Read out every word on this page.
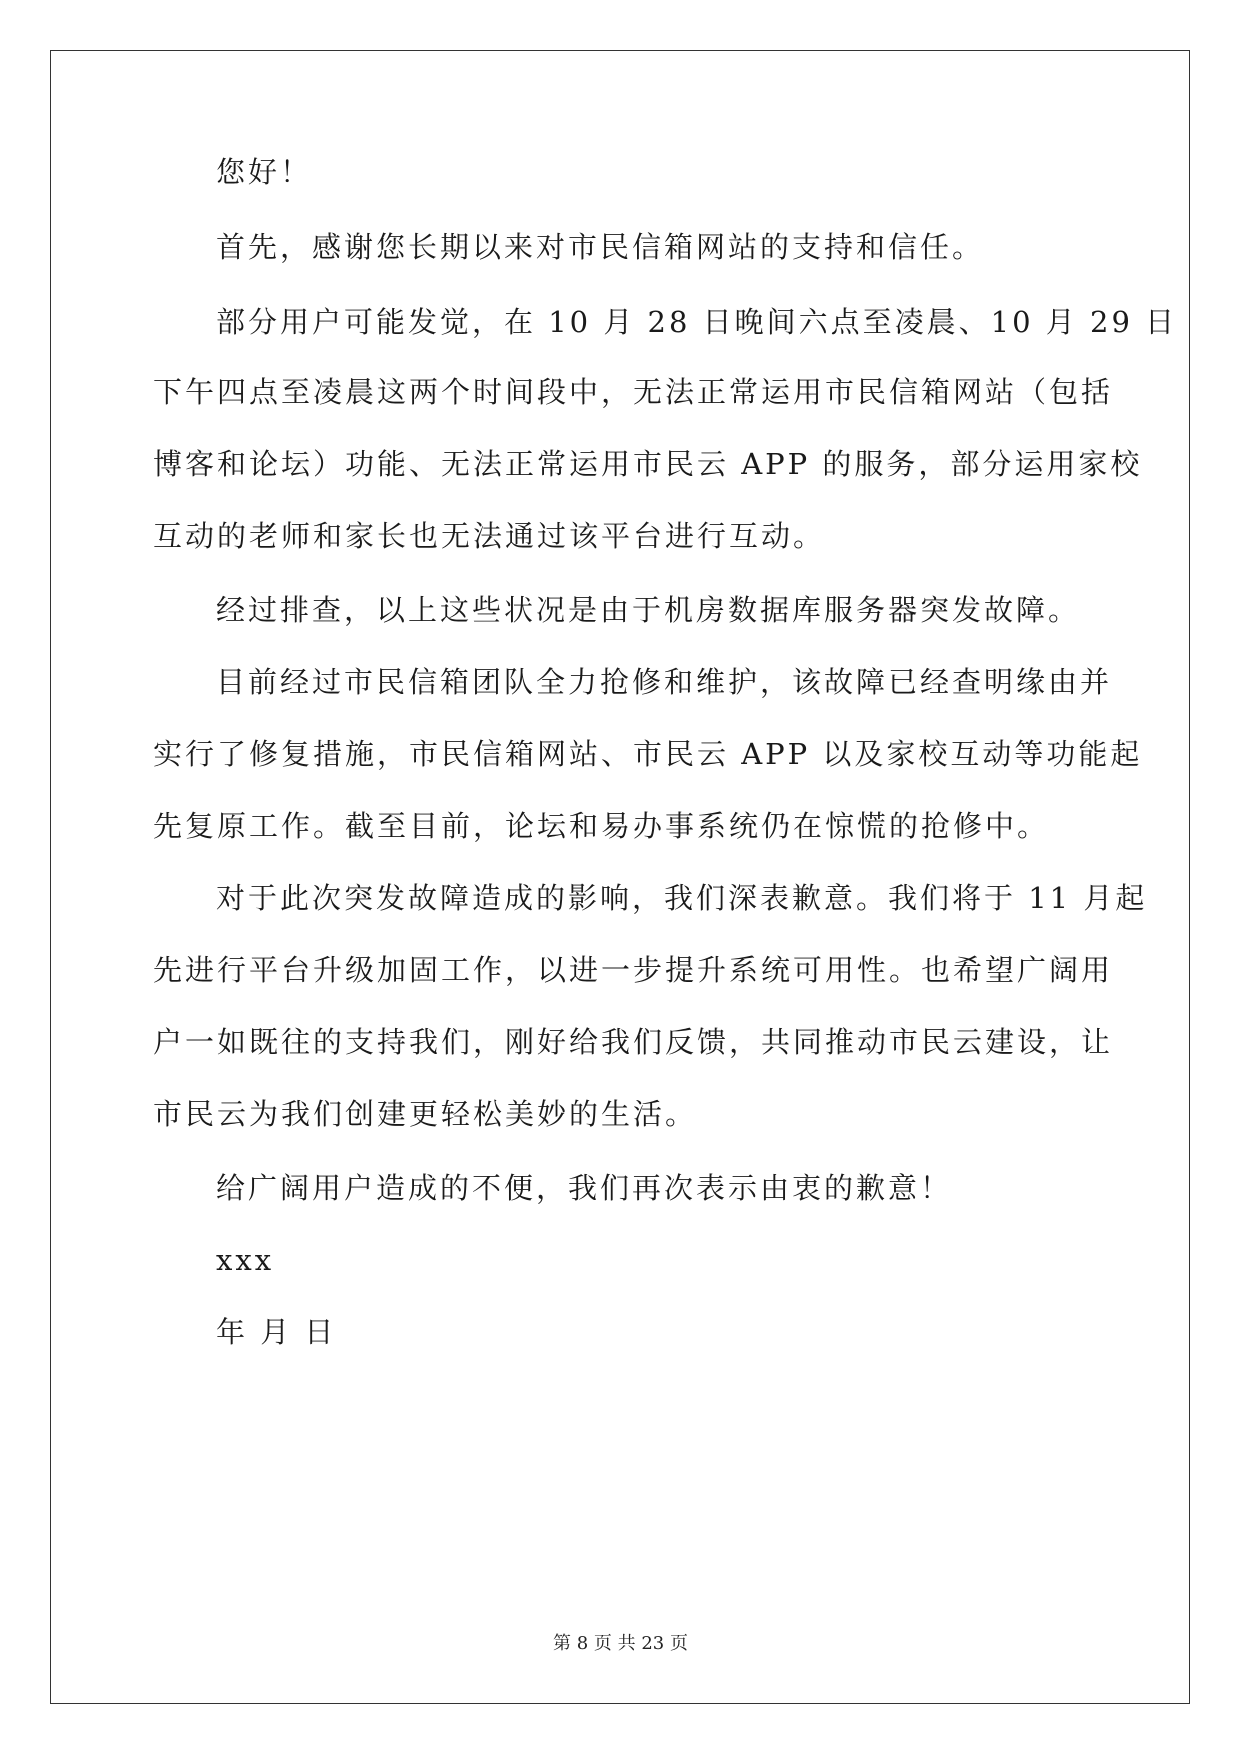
您好！
首先，感谢您长期以来对市民信箱网站的支持和信任。
部分用户可能发觉，在 10 月 28 日晚间六点至凌晨、10 月 29 日
下午四点至凌晨这两个时间段中，无法正常运用市民信箱网站（包括
博客和论坛）功能、无法正常运用市民云 APP 的服务，部分运用家校
互动的老师和家长也无法通过该平台进行互动。
经过排查，以上这些状况是由于机房数据库服务器突发故障。
目前经过市民信箱团队全力抢修和维护，该故障已经查明缘由并
实行了修复措施，市民信箱网站、市民云 APP 以及家校互动等功能起
先复原工作。截至目前，论坛和易办事系统仍在惊慌的抢修中。
对于此次突发故障造成的影响，我们深表歉意。我们将于 11 月起
先进行平台升级加固工作，以进一步提升系统可用性。也希望广阔用
户一如既往的支持我们，刚好给我们反馈，共同推动市民云建设，让
市民云为我们创建更轻松美妙的生活。
给广阔用户造成的不便，我们再次表示由衷的歉意！
xxx
年 月 日
第 8 页 共 23 页
